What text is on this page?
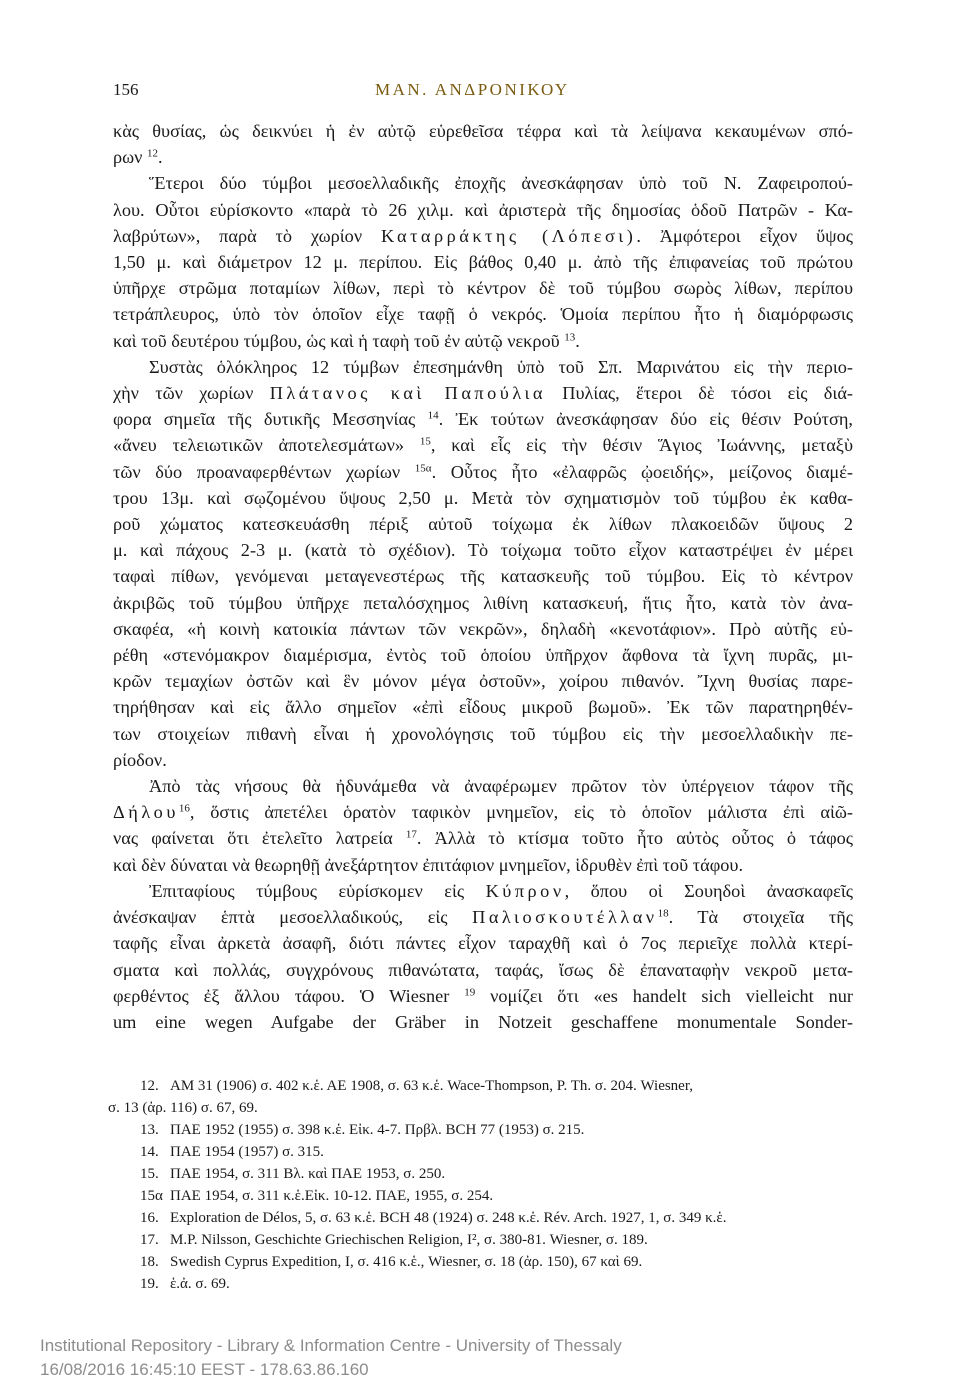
156	ΜΑΝ. ΑΝΔΡΟΝΙΚΟΥ
κὰς θυσίας, ὡς δεικνύει ἡ ἐν αὐτῷ εὑρεθεῖσα τέφρα καὶ τὰ λείψανα κεκαυμένων σπό-
ρων $^{12}$.
Ἕτεροι δύο τύμβοι μεσοελλαδικῆς ἐποχῆς ἀνεσκάφησαν ὑπὸ τοῦ Ν. Ζαφειροπού-
λου. Οὗτοι εὑρίσκοντο «παρὰ τὸ 26 χιλμ. καὶ ἀριστερὰ τῆς δημοσίας ὁδοῦ Πατρῶν - Κα-
λαβρύτων», παρὰ τὸ χωρίον Καταρράκτης (Λόπεσι). Ἀμφότεροι εἶχον ὕψος
1,50 μ. καὶ διάμετρον 12 μ. περίπου. Εἰς βάθος 0,40 μ. ἀπὸ τῆς ἐπιφανείας τοῦ πρώτου
ὑπῆρχε στρῶμα ποταμίων λίθων, περὶ τὸ κέντρον δὲ τοῦ τύμβου σωρὸς λίθων, περίπου
τετράπλευρος, ὑπὸ τὸν ὁποῖον εἶχε ταφῇ ὁ νεκρός. Ὁμοία περίπου ἦτο ἡ διαμόρφωσις
καὶ τοῦ δευτέρου τύμβου, ὡς καὶ ἡ ταφὴ τοῦ ἐν αὐτῷ νεκροῦ $^{13}$.
Συστὰς ὁλόκληρος 12 τύμβων ἐπεσημάνθη ὑπὸ τοῦ Σπ. Μαρινάτου εἰς τὴν περιο-
χὴν τῶν χωρίων Πλάτανος καὶ Παπούλια Πυλίας, ἕτεροι δὲ τόσοι εἰς διά-
φορα σημεῖα τῆς δυτικῆς Μεσσηνίας $^{14}$. Ἐκ τούτων ἀνεσκάφησαν δύο εἰς θέσιν Ρούτση,
«ἄνευ τελειωτικῶν ἀποτελεσμάτων» $^{15}$, καὶ εἷς εἰς τὴν θέσιν Ἅγιος Ἰωάννης, μεταξὺ
τῶν δύο προαναφερθέντων χωρίων $^{15\alpha}$. Οὗτος ἦτο «ἐλαφρῶς ᾠοειδής», μείζονος διαμέ-
τρου 13μ. καὶ σῳζομένου ὕψους 2,50 μ. Μετὰ τὸν σχηματισμὸν τοῦ τύμβου ἐκ καθα-
ροῦ χώματος κατεσκευάσθη πέριξ αὐτοῦ τοίχωμα ἐκ λίθων πλακοειδῶν ὕψους 2
μ. καὶ πάχους 2-3 μ. (κατὰ τὸ σχέδιον). Τὸ τοίχωμα τοῦτο εἶχον καταστρέψει ἐν μέρει
ταφαὶ πίθων, γενόμεναι μεταγενεστέρως τῆς κατασκευῆς τοῦ τύμβου. Εἰς τὸ κέντρον
ἀκριβῶς τοῦ τύμβου ὑπῆρχε πεταλόσχημος λιθίνη κατασκευή, ἥτις ἦτο, κατὰ τὸν ἀνα-
σκαφέα, «ἡ κοινὴ κατοικία πάντων τῶν νεκρῶν», δηλαδὴ «κενοτάφιον». Πρὸ αὐτῆς εὑ-
ρέθη «στενόμακρον διαμέρισμα, ἐντὸς τοῦ ὁποίου ὑπῆρχον ἄφθονα τὰ ἴχνη πυρᾶς, μι-
κρῶν τεμαχίων ὀστῶν καὶ ἓν μόνον μέγα ὀστοῦν», χοίρου πιθανόν. Ἴχνη θυσίας παρε-
τηρήθησαν καὶ εἰς ἄλλο σημεῖον «ἐπὶ εἶδους μικροῦ βωμοῦ». Ἐκ τῶν παρατηρηθέν-
των στοιχείων πιθανὴ εἶναι ἡ χρονολόγησις τοῦ τύμβου εἰς τὴν μεσοελλαδικὴν πε-
ρίοδον.
Ἀπὸ τὰς νήσους θὰ ἠδυνάμεθα νὰ ἀναφέρωμεν πρῶτον τὸν ὑπέργειον τάφον τῆς
Δήλου$^{16}$, ὅστις ἀπετέλει ὁρατὸν ταφικὸν μνημεῖον, εἰς τὸ ὁποῖον μάλιστα ἐπὶ αἰῶ-
νας φαίνεται ὅτι ἐτελεῖτο λατρεία $^{17}$. Ἀλλὰ τὸ κτίσμα τοῦτο ἦτο αὐτὸς οὗτος ὁ τάφος
καὶ δὲν δύναται νὰ θεωρηθῇ ἀνεξάρτητον ἐπιτάφιον μνημεῖον, ἱδρυθὲν ἐπὶ τοῦ τάφου.
Ἐπιταφίους τύμβους εὑρίσκομεν εἰς Κύπρον, ὅπου οἱ Σουηδοὶ ἀνασκαφεῖς
ἀνέσκαψαν ἑπτὰ μεσοελλαδικούς, εἰς Παλιοσκουτέλλαν$^{18}$. Τὰ στοιχεῖα τῆς
ταφῆς εἶναι ἀρκετὰ ἀσαφῆ, διότι πάντες εἶχον ταραχθῆ καὶ ὁ 7ος περιεῖχε πολλὰ κτερί-
σματα καὶ πολλάς, συγχρόνους πιθανώτατα, ταφάς, ἴσως δὲ ἐπαναταφὴν νεκροῦ μετα-
φερθέντος ἐξ ἄλλου τάφου. Ὁ Wiesner $^{19}$ νομίζει ὅτι «es handelt sich vielleicht nur
um eine wegen Aufgabe der Gräber in Notzeit geschaffene monumentale Sonder-
12. ΑΜ 31 (1906) σ. 402 κ.ἑ. ΑΕ 1908, σ. 63 κ.ἑ. Wace-Thompson, P. Th. σ. 204. Wiesner,
σ. 13 (ἀρ. 116) σ. 67, 69.
13. ΠΑΕ 1952 (1955) σ. 398 κ.ἑ. Εἰκ. 4-7. Πρβλ. BCH 77 (1953) σ. 215.
14. ΠΑΕ 1954 (1957) σ. 315.
15. ΠΑΕ 1954, σ. 311 Βλ. καὶ ΠΑΕ 1953, σ. 250.
15α ΠΑΕ 1954, σ. 311 κ.ἑ.Εἰκ. 10-12. ΠΑΕ, 1955, σ. 254.
16. Exploration de Délos, 5, σ. 63 κ.ἑ. BCH 48 (1924) σ. 248 κ.ἑ. Rév. Arch. 1927, 1, σ. 349 κ.ἑ.
17. M.P. Nilsson, Geschichte Griechischen Religion, I², σ. 380-81. Wiesner, σ. 189.
18. Swedish Cyprus Expedition, I, σ. 416 κ.ἑ., Wiesner, σ. 18 (ἀρ. 150), 67 καὶ 69.
19. ἑ.ἀ. σ. 69.
Institutional Repository - Library & Information Centre - University of Thessaly
16/08/2016 16:45:10 EEST - 178.63.86.160
